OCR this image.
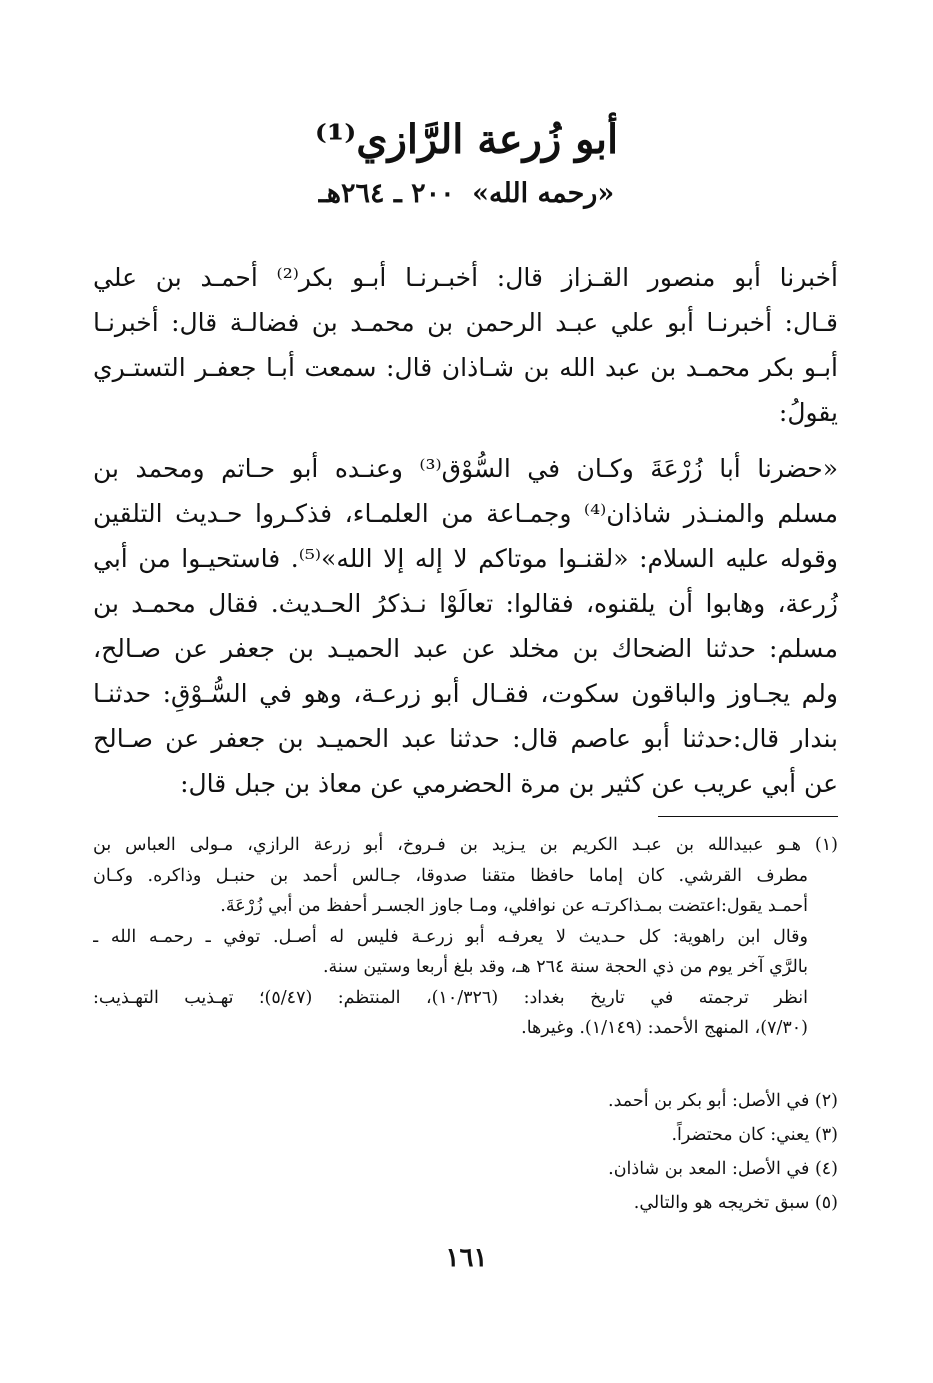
أبو زُرعة الرَّازي⁽¹⁾
«رحمه الله» ٢٠٠ ـ ٢٦٤هـ
أخبرنا أبو منصور القـزاز قال: أخبـرنـا أبـو بكر⁽²⁾ أحمـد بن علي
قـال: أخبرنـا أبو علي عبـد الرحمن بن محمـد بن فضالـة قال: أخبرنـا
أبـو بكر محمـد بن عبد الله بن شـاذان قال: سمعت أبـا جعفـر التستـري
يقولُ:
«حضرنا أبا زُرْعَةَ وكـان في السُّوْق⁽³⁾ وعنـده أبو حـاتم ومحمد بن
مسلم والمنـذر شاذان⁽⁴⁾ وجمـاعة من العلمـاء، فذكـروا حـديث التلقين
وقوله عليه السلام: «لقنـوا موتاكم لا إله إلا الله»⁽⁵⁾. فاستحيـوا من أبي
زُرعة، وهابوا أن يلقنوه، فقالوا: تعالَوْا نـذكرُ الحـديث. فقال محمـد بن
مسلم: حدثنا الضحاك بن مخلد عن عبد الحميـد بن جعفر عن صـالح،
ولم يجـاوز والباقون سكوت، فقـال أبو زرعـة، وهو في السُّـوْقِ: حدثنـا
بندار قال:حدثنا أبو عاصم قال: حدثنا عبد الحميـد بن جعفر عن صـالح
عن أبي عريب عن كثير بن مرة الحضرمي عن معاذ بن جبل قال:
(١) هـو عبيدالله بن عبـد الكريم بن يـزيد بن فـروخ، أبو زرعة الرازي، مـولى العباس بن
مطرف القرشي. كان إماما حافظا متقنا صدوقا، جـالس أحمد بن حنبـل وذاكره. وكـان
أحمـد يقول:اعتضت بمـذاكرتـه عن نوافلي، ومـا جاوز الجسـر أحفظ من أبي زُرْعَةَ.
وقال ابن راهوية: كل حـديث لا يعرفـه أبو زرعـة فليس له أصـل. توفي ـ رحمـه الله ـ
بالرَّي آخر يوم من ذي الحجة سنة ٢٦٤ هـ، وقد بلغ أربعا وستين سنة.
انظر ترجمته في تاريخ بغداد: (١٠/٣٢٦)، المنتظم: (٥/٤٧)؛ تهـذيب التهـذيب:
(٧/٣٠)، المنهج الأحمد: (١/١٤٩). وغيرها.
(٢) في الأصل: أبو بكر بن أحمد.
(٣) يعني: كان محتضراً.
(٤) في الأصل: المعد بن شاذان.
(٥) سبق تخريجه هو والتالي.
١٦١
